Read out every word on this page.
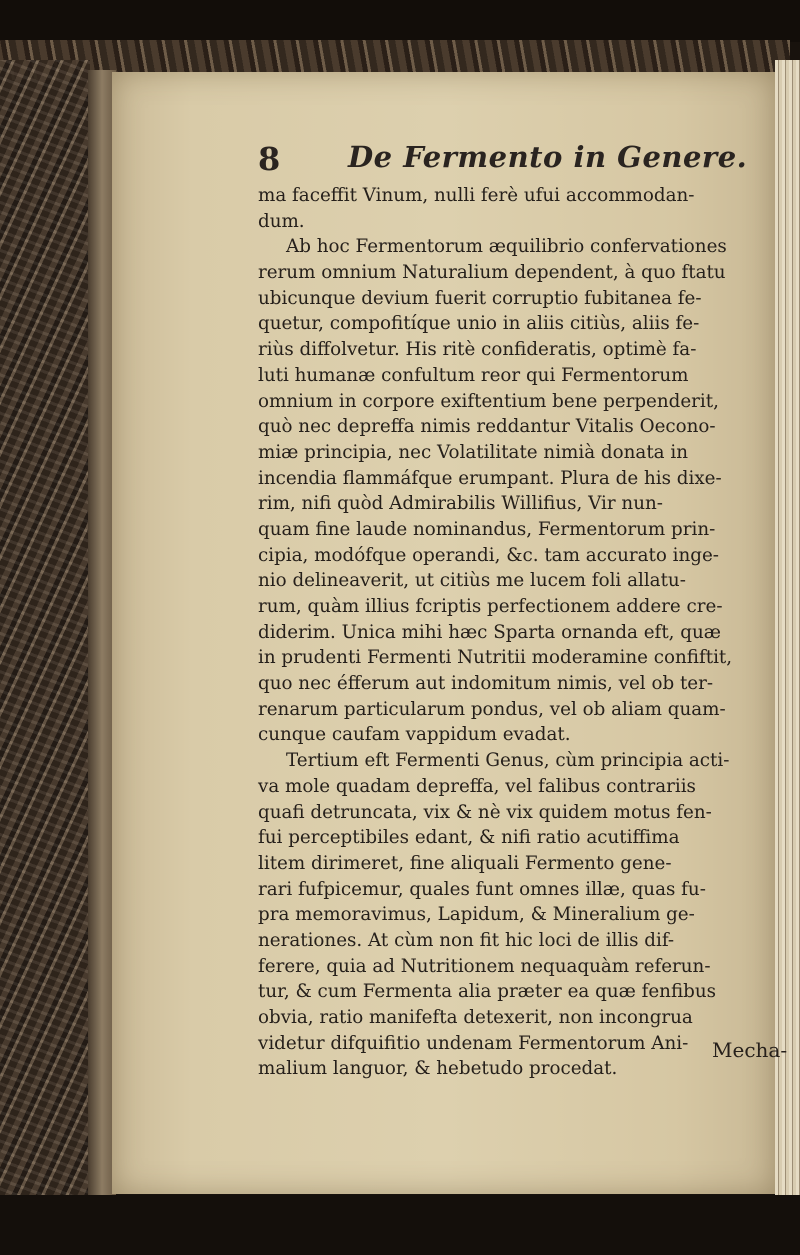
8 De Fermento in Genere.
ma faceffit Vinum, nulli ferè ufui accommodan-
dum.
Ab hoc Fermentorum æquilibrio confervationes
rerum omnium Naturalium dependent, à quo ftatu
ubicunque devium fuerit corruptio fubitanea fe-
quetur, compofitíque unio in aliis citiùs, aliis fe-
riùs diffolvetur. His ritè confideratis, optimè fa-
luti humanæ confultum reor qui Fermentorum
omnium in corpore exiftentium bene perpenderit,
quò nec depreffa nimis reddantur Vitalis Oecono-
miæ principia, nec Volatilitate nimià donata in
incendia flammáfque erumpant. Plura de his dixe-
rim, nifi quòd Admirabilis Willifius, Vir nun-
quam fine laude nominandus, Fermentorum prin-
cipia, modófque operandi, &c. tam accurato inge-
nio delineaverit, ut citiùs me lucem foli allatu-
rum, quàm illius fcriptis perfectionem addere cre-
diderim. Unica mihi hæc Sparta ornanda eft, quæ
in prudenti Fermenti Nutritii moderamine confiftit,
quo nec éfferum aut indomitum nimis, vel ob ter-
renarum particularum pondus, vel ob aliam quam-
cunque caufam vappidum evadat.
Tertium eft Fermenti Genus, cùm principia acti-
va mole quadam depreffa, vel falibus contrariis
quafi detruncata, vix & nè vix quidem motus fen-
fui perceptibiles edant, & nifi ratio acutiffima
litem dirimeret, fine aliquali Fermento gene-
rari fufpicemur, quales funt omnes illæ, quas fu-
pra memoravimus, Lapidum, & Mineralium ge-
nerationes. At cùm non fit hic loci de illis dif-
ferere, quia ad Nutritionem nequaquàm referun-
tur, & cum Fermenta alia præter ea quæ fenfibus
obvia, ratio manifefta detexerit, non incongrua
videtur difquifitio undenam Fermentorum Ani-
malium languor, & hebetudo procedat.
Mecha-
